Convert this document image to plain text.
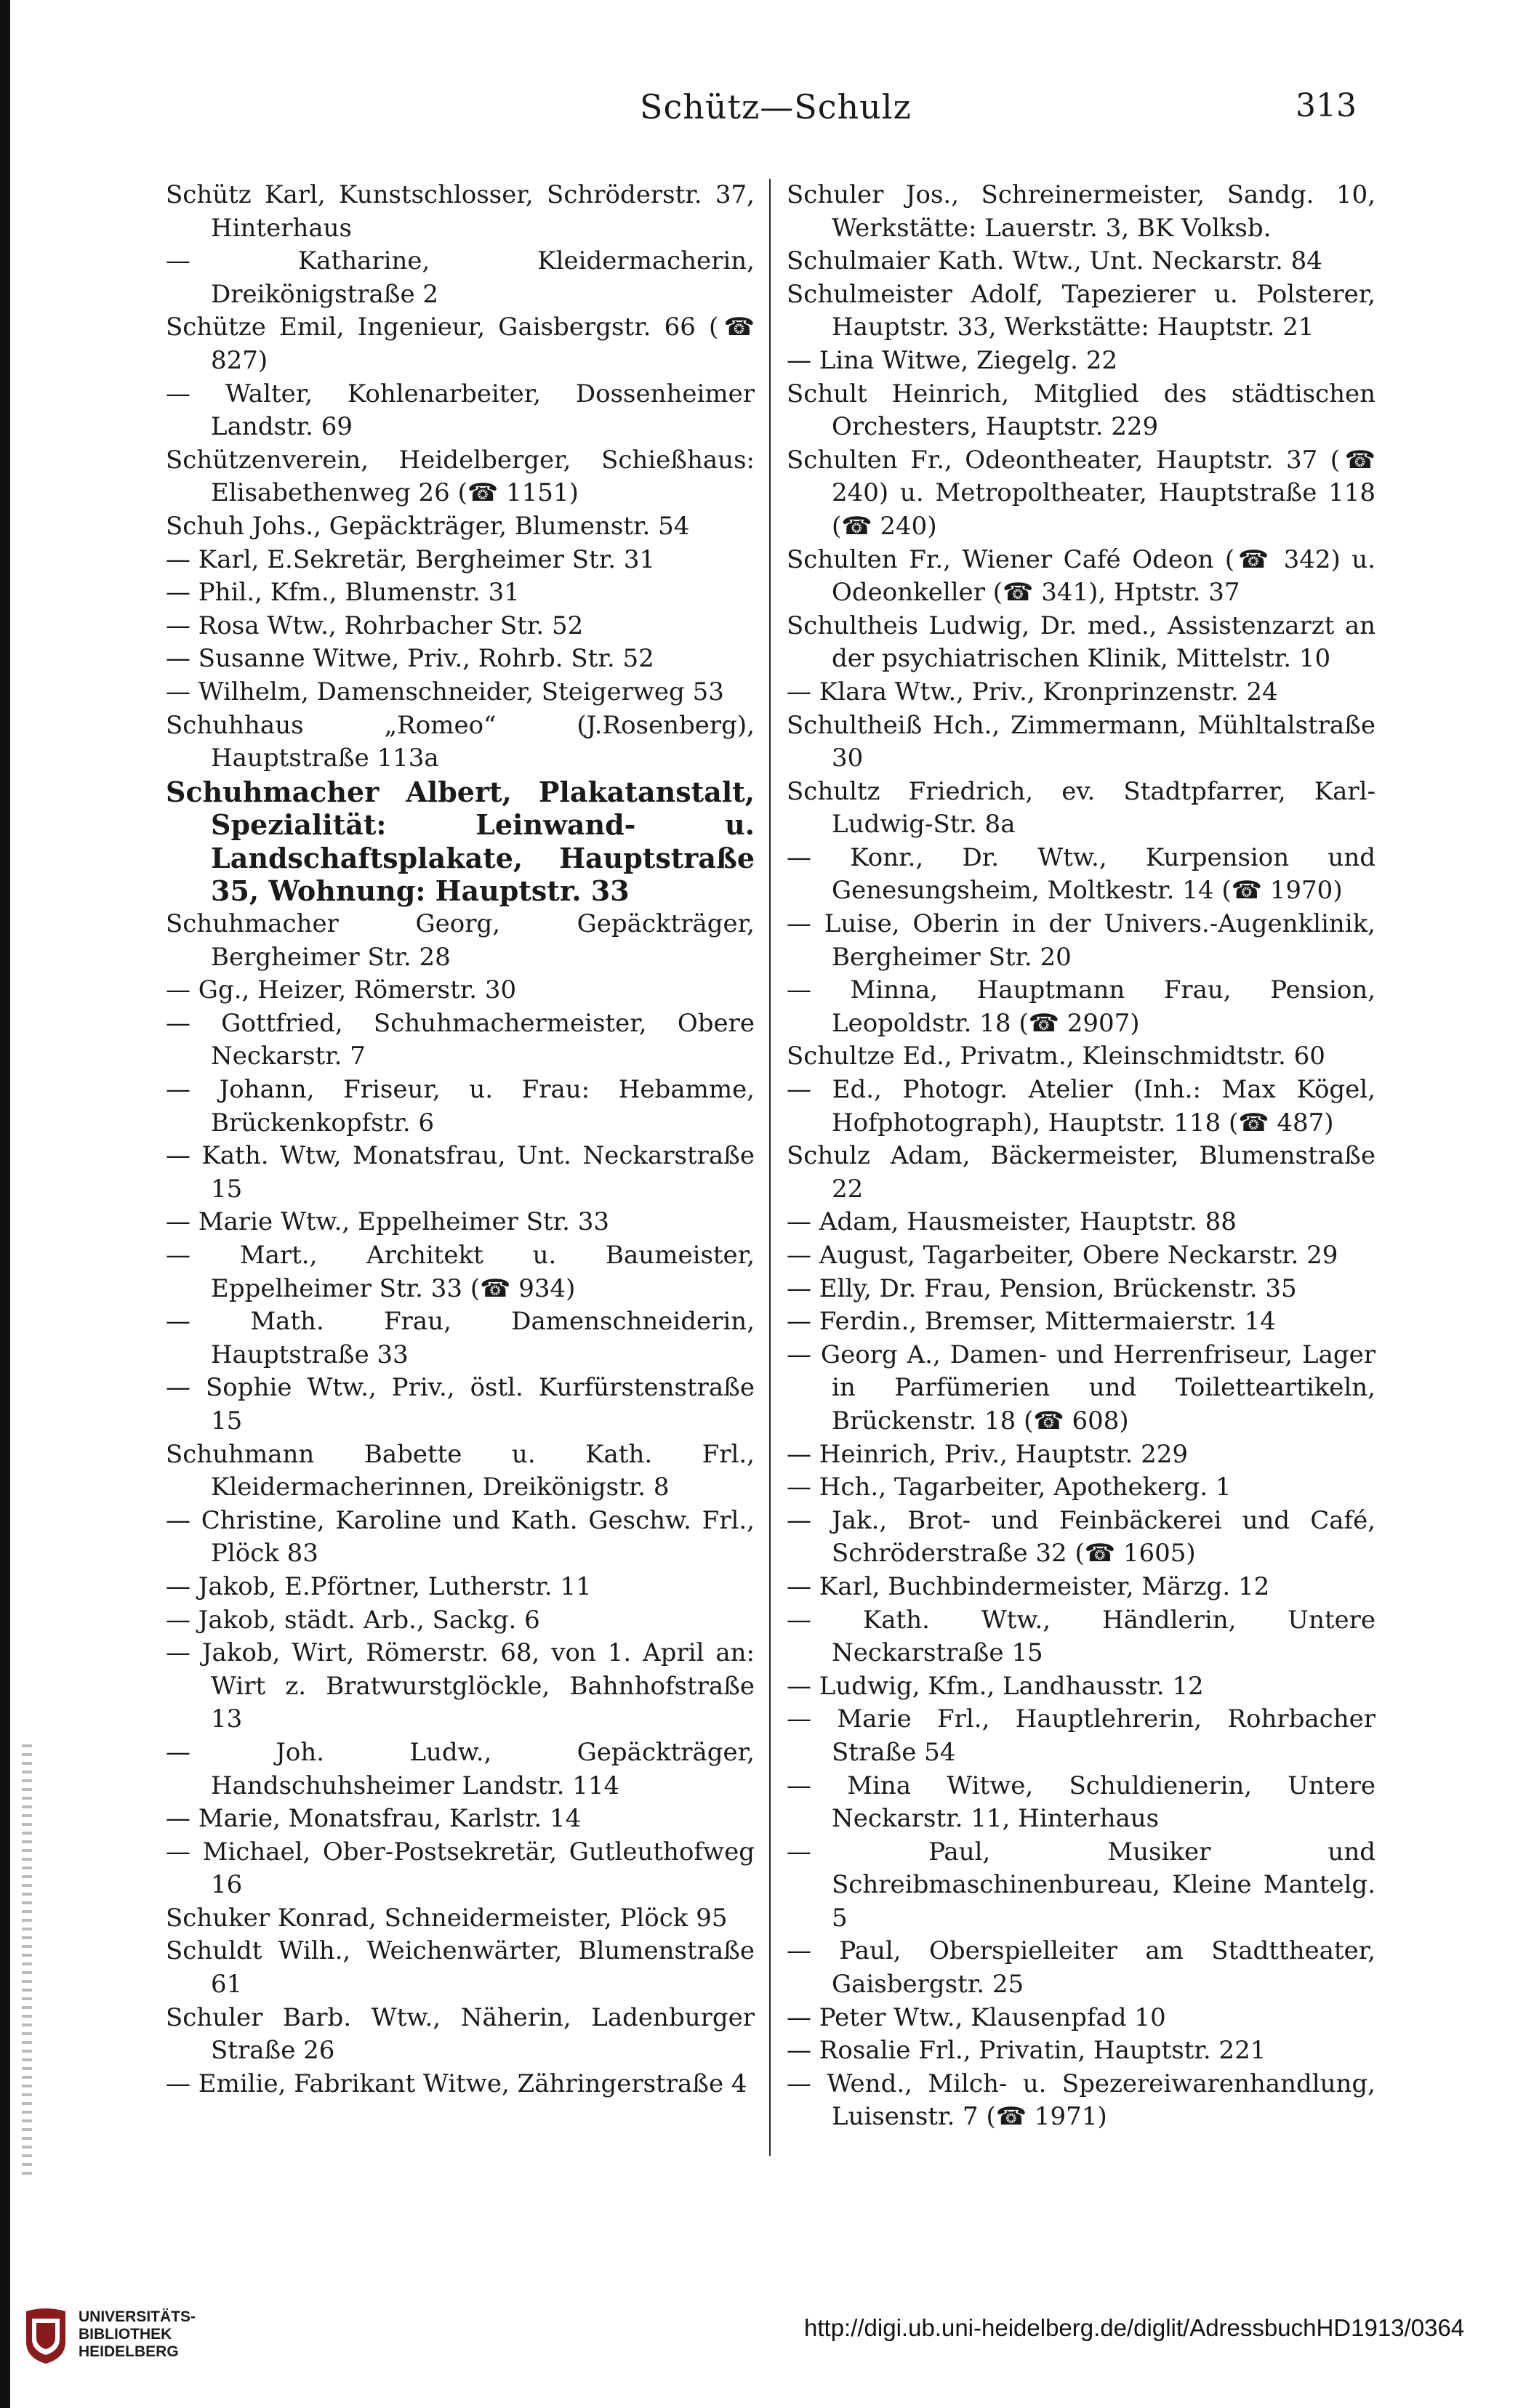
Schütz—Schulz	313
Schütz Karl, Kunstschlosser, Schröderstr. 37, Hinterhaus
— Katharine, Kleidermacherin, Dreikönigstraße 2
Schütze Emil, Ingenieur, Gaisbergstr. 66 (☎ 827)
— Walter, Kohlenarbeiter, Dossenheimer Landstr. 69
Schützenverein, Heidelberger, Schießhaus: Elisabethenweg 26 (☎ 1151)
Schuh Johs., Gepäckträger, Blumenstr. 54
— Karl, E.Sekretär, Bergheimer Str. 31
— Phil., Kfm., Blumenstr. 31
— Rosa Wtw., Rohrbacher Str. 52
— Susanne Witwe, Priv., Rohrb. Str. 52
— Wilhelm, Damenschneider, Steigerweg 53
Schuhhaus „Romeo“ (J.Rosenberg), Hauptstraße 113a
Schuhmacher Albert, Plakatanstalt, Spezialität: Leinwand- u. Landschaftsplakate, Hauptstraße 35, Wohnung: Hauptstr. 33
Schuhmacher Georg, Gepäckträger, Bergheimer Str. 28
— Gg., Heizer, Römerstr. 30
— Gottfried, Schuhmachermeister, Obere Neckarstr. 7
— Johann, Friseur, u. Frau: Hebamme, Brückenkopfstr. 6
— Kath. Wtw, Monatsfrau, Unt. Neckarstraße 15
— Marie Wtw., Eppelheimer Str. 33
— Mart., Architekt u. Baumeister, Eppelheimer Str. 33 (☎ 934)
— Math. Frau, Damenschneiderin, Hauptstraße 33
— Sophie Wtw., Priv., östl. Kurfürstenstraße 15
Schuhmann Babette u. Kath. Frl., Kleidermacherinnen, Dreikönigstr. 8
— Christine, Karoline und Kath. Geschw. Frl., Plöck 83
— Jakob, E.Pförtner, Lutherstr. 11
— Jakob, städt. Arb., Sackg. 6
— Jakob, Wirt, Römerstr. 68, von 1. April an: Wirt z. Bratwurstglöckle, Bahnhofstraße 13
— Joh. Ludw., Gepäckträger, Handschuhsheimer Landstr. 114
— Marie, Monatsfrau, Karlstr. 14
— Michael, Ober-Postsekretär, Gutleuthofweg 16
Schuker Konrad, Schneidermeister, Plöck 95
Schuldt Wilh., Weichenwärter, Blumenstraße 61
Schuler Barb. Wtw., Näherin, Ladenburger Straße 26
— Emilie, Fabrikant Witwe, Zähringerstraße 4
Schuler Jos., Schreinermeister, Sandg. 10, Werkstätte: Lauerstr. 3, BK Volksb.
Schulmaier Kath. Wtw., Unt. Neckarstr. 84
Schulmeister Adolf, Tapezierer u. Polsterer, Hauptstr. 33, Werkstätte: Hauptstr. 21
— Lina Witwe, Ziegelg. 22
Schult Heinrich, Mitglied des städtischen Orchesters, Hauptstr. 229
Schulten Fr., Odeontheater, Hauptstr. 37 (☎ 240) u. Metropoltheater, Hauptstraße 118 (☎ 240)
Schulten Fr., Wiener Café Odeon (☎ 342) u. Odeonkeller (☎ 341), Hptstr. 37
Schultheis Ludwig, Dr. med., Assistenzarzt an der psychiatrischen Klinik, Mittelstr. 10
— Klara Wtw., Priv., Kronprinzenstr. 24
Schultheiß Hch., Zimmermann, Mühltalstraße 30
Schultz Friedrich, ev. Stadtpfarrer, Karl-Ludwig-Str. 8a
— Konr., Dr. Wtw., Kurpension und Genesungsheim, Moltkestr. 14 (☎ 1970)
— Luise, Oberin in der Univers.-Augenklinik, Bergheimer Str. 20
— Minna, Hauptmann Frau, Pension, Leopoldstr. 18 (☎ 2907)
Schultze Ed., Privatm., Kleinschmidtstr. 60
— Ed., Photogr. Atelier (Inh.: Max Kögel, Hofphotograph), Hauptstr. 118 (☎ 487)
Schulz Adam, Bäckermeister, Blumenstraße 22
— Adam, Hausmeister, Hauptstr. 88
— August, Tagarbeiter, Obere Neckarstr. 29
— Elly, Dr. Frau, Pension, Brückenstr. 35
— Ferdin., Bremser, Mittermaierstr. 14
— Georg A., Damen- und Herrenfriseur, Lager in Parfümerien und Toiletteartikeln, Brückenstr. 18 (☎ 608)
— Heinrich, Priv., Hauptstr. 229
— Hch., Tagarbeiter, Apothekerg. 1
— Jak., Brot- und Feinbäckerei und Café, Schröderstraße 32 (☎ 1605)
— Karl, Buchbindermeister, Märzg. 12
— Kath. Wtw., Händlerin, Untere Neckarstraße 15
— Ludwig, Kfm., Landhausstr. 12
— Marie Frl., Hauptlehrerin, Rohrbacher Straße 54
— Mina Witwe, Schuldienerin, Untere Neckarstr. 11, Hinterhaus
— Paul, Musiker und Schreibmaschinenbureau, Kleine Mantelg. 5
— Paul, Oberspielleiter am Stadttheater, Gaisbergstr. 25
— Peter Wtw., Klausenpfad 10
— Rosalie Frl., Privatin, Hauptstr. 221
— Wend., Milch- u. Spezereiwarenhandlung, Luisenstr. 7 (☎ 1971)
UNIVERSITÄTS-
BIBLIOTHEK
HEIDELBERG
http://digi.ub.uni-heidelberg.de/diglit/AdressbuchHD1913/0364
